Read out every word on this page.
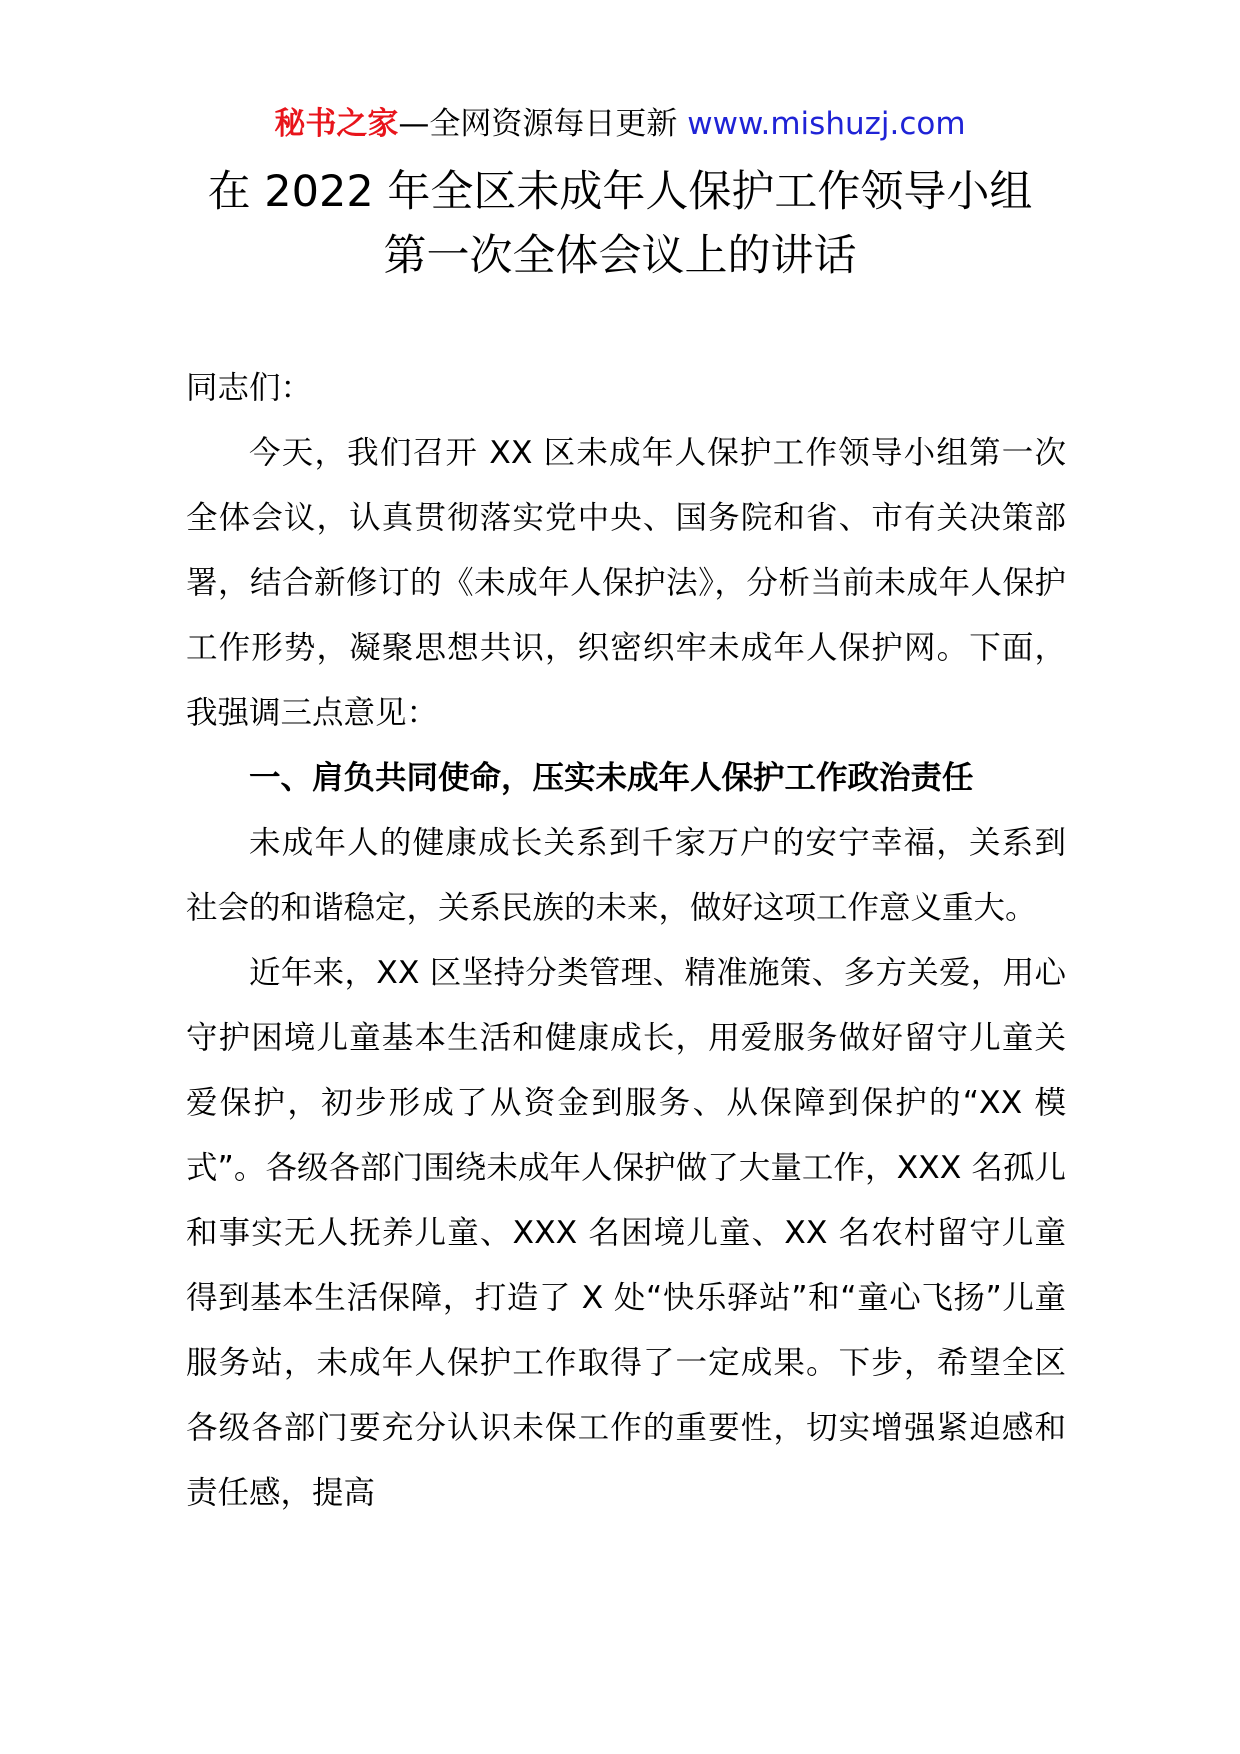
秘书之家—全网资源每日更新 www.mishuzj.com
在 2022 年全区未成年人保护工作领导小组
第一次全体会议上的讲话

同志们：

今天，我们召开 XX 区未成年人保护工作领导小组第一次全体会议，认真贯彻落实党中央、国务院和省、市有关决策部署，结合新修订的《未成年人保护法》，分析当前未成年人保护工作形势，凝聚思想共识，织密织牢未成年人保护网。下面，我强调三点意见：

一、肩负共同使命，压实未成年人保护工作政治责任

未成年人的健康成长关系到千家万户的安宁幸福，关系到社会的和谐稳定，关系民族的未来，做好这项工作意义重大。

近年来，XX 区坚持分类管理、精准施策、多方关爱，用心守护困境儿童基本生活和健康成长，用爱服务做好留守儿童关爱保护，初步形成了从资金到服务、从保障到保护的“XX 模式”。各级各部门围绕未成年人保护做了大量工作，XXX 名孤儿和事实无人抚养儿童、XXX 名困境儿童、XX 名农村留守儿童得到基本生活保障，打造了 X 处“快乐驿站”和“童心飞扬”儿童服务站，未成年人保护工作取得了一定成果。下步，希望全区各级各部门要充分认识未保工作的重要性，切实增强紧迫感和责任感，提高
